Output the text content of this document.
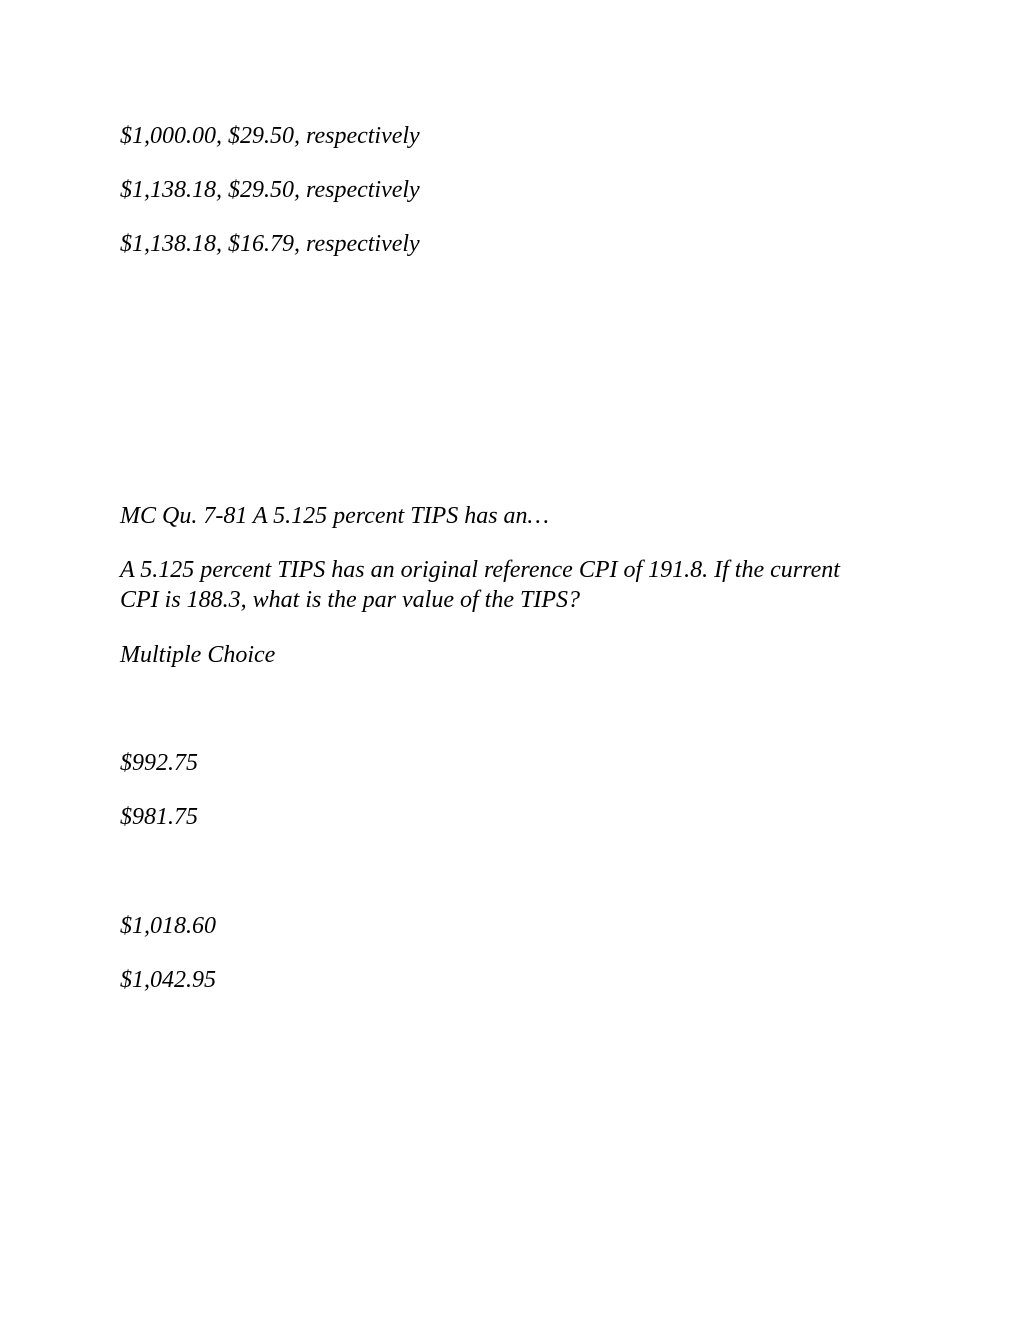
$1,000.00, $29.50, respectively

$1,138.18, $29.50, respectively

$1,138.18, $16.79, respectively

MC Qu. 7-81 A 5.125 percent TIPS has an…

A 5.125 percent TIPS has an original reference CPI of 191.8. If the current CPI is 188.3, what is the par value of the TIPS?

Multiple Choice

$992.75

$981.75

$1,018.60

$1,042.95
